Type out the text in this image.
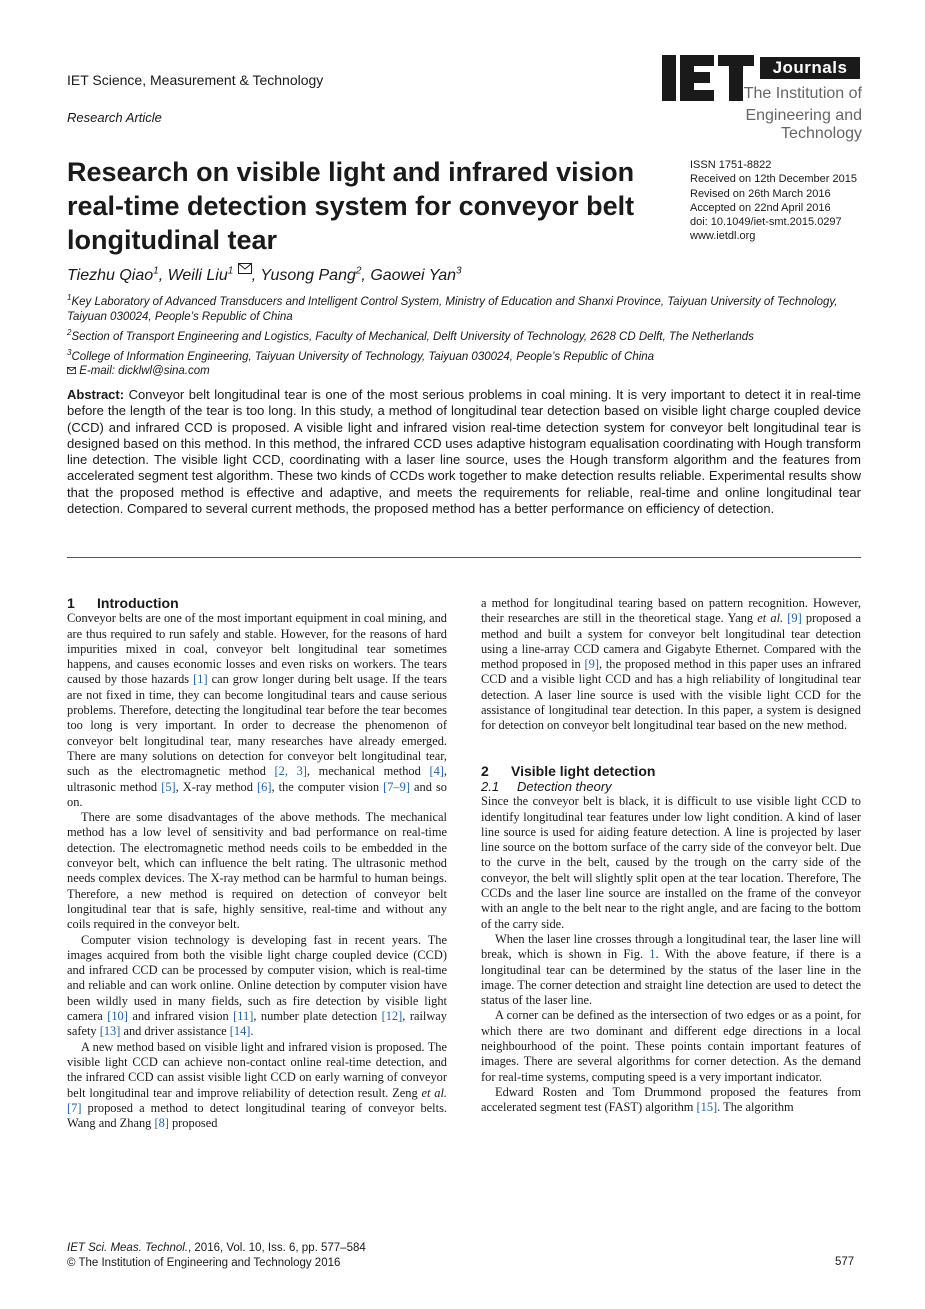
IET Science, Measurement & Technology
Research Article
Journals
The Institution of
Engineering and Technology
Research on visible light and infrared vision real-time detection system for conveyor belt longitudinal tear
ISSN 1751-8822
Received on 12th December 2015
Revised on 26th March 2016
Accepted on 22nd April 2016
doi: 10.1049/iet-smt.2015.0297
www.ietdl.org
Tiezhu Qiao$^1$, Weili Liu$^1$ , Yusong Pang$^2$, Gaowei Yan$^3$
$^1$Key Laboratory of Advanced Transducers and Intelligent Control System, Ministry of Education and Shanxi Province, Taiyuan University of Technology, Taiyuan 030024, People’s Republic of China
$^2$Section of Transport Engineering and Logistics, Faculty of Mechanical, Delft University of Technology, 2628 CD Delft, The Netherlands
$^3$College of Information Engineering, Taiyuan University of Technology, Taiyuan 030024, People’s Republic of China
E-mail: dicklwl@sina.com
Abstract: Conveyor belt longitudinal tear is one of the most serious problems in coal mining. It is very important to detect it in real-time before the length of the tear is too long. In this study, a method of longitudinal tear detection based on visible light charge coupled device (CCD) and infrared CCD is proposed. A visible light and infrared vision real-time detection system for conveyor belt longitudinal tear is designed based on this method. In this method, the infrared CCD uses adaptive histogram equalisation coordinating with Hough transform line detection. The visible light CCD, coordinating with a laser line source, uses the Hough transform algorithm and the features from accelerated segment test algorithm. These two kinds of CCDs work together to make detection results reliable. Experimental results show that the proposed method is effective and adaptive, and meets the requirements for reliable, real-time and online longitudinal tear detection. Compared to several current methods, the proposed method has a better performance on efficiency of detection.

1 Introduction

Conveyor belts are one of the most important equipment in coal mining, and are thus required to run safely and stable. However, for the reasons of hard impurities mixed in coal, conveyor belt longitudinal tear sometimes happens, and causes economic losses and even risks on workers. The tears caused by those hazards [1] can grow longer during belt usage. If the tears are not fixed in time, they can become longitudinal tears and cause serious problems. Therefore, detecting the longitudinal tear before the tear becomes too long is very important. In order to decrease the phenomenon of conveyor belt longitudinal tear, many researches have already emerged. There are many solutions on detection for conveyor belt longitudinal tear, such as the electromagnetic method [2, 3], mechanical method [4], ultrasonic method [5], X-ray method [6], the computer vision [7–9] and so on.

There are some disadvantages of the above methods. The mechanical method has a low level of sensitivity and bad performance on real-time detection. The electromagnetic method needs coils to be embedded in the conveyor belt, which can influence the belt rating. The ultrasonic method needs complex devices. The X-ray method can be harmful to human beings. Therefore, a new method is required on detection of conveyor belt longitudinal tear that is safe, highly sensitive, real-time and without any coils required in the conveyor belt.

Computer vision technology is developing fast in recent years. The images acquired from both the visible light charge coupled device (CCD) and infrared CCD can be processed by computer vision, which is real-time and reliable and can work online. Online detection by computer vision have been wildly used in many fields, such as fire detection by visible light camera [10] and infrared vision [11], number plate detection [12], railway safety [13] and driver assistance [14].

A new method based on visible light and infrared vision is proposed. The visible light CCD can achieve non-contact online real-time detection, and the infrared CCD can assist visible light CCD on early warning of conveyor belt longitudinal tear and improve reliability of detection result. Zeng et al. [7] proposed a method to detect longitudinal tearing of conveyor belts. Wang and Zhang [8] proposed

a method for longitudinal tearing based on pattern recognition. However, their researches are still in the theoretical stage. Yang et al. [9] proposed a method and built a system for conveyor belt longitudinal tear detection using a line-array CCD camera and Gigabyte Ethernet. Compared with the method proposed in [9], the proposed method in this paper uses an infrared CCD and a visible light CCD and has a high reliability of longitudinal tear detection. A laser line source is used with the visible light CCD for the assistance of longitudinal tear detection. In this paper, a system is designed for detection on conveyor belt longitudinal tear based on the new method.

2 Visible light detection

2.1 Detection theory

Since the conveyor belt is black, it is difficult to use visible light CCD to identify longitudinal tear features under low light condition. A kind of laser line source is used for aiding feature detection. A line is projected by laser line source on the bottom surface of the carry side of the conveyor belt. Due to the curve in the belt, caused by the trough on the carry side of the conveyor, the belt will slightly split open at the tear location. Therefore, The CCDs and the laser line source are installed on the frame of the conveyor with an angle to the belt near to the right angle, and are facing to the bottom of the carry side.

When the laser line crosses through a longitudinal tear, the laser line will break, which is shown in Fig. 1. With the above feature, if there is a longitudinal tear can be determined by the status of the laser line in the image. The corner detection and straight line detection are used to detect the status of the laser line.

A corner can be defined as the intersection of two edges or as a point, for which there are two dominant and different edge directions in a local neighbourhood of the point. These points contain important features of images. There are several algorithms for corner detection. As the demand for real-time systems, computing speed is a very important indicator.

Edward Rosten and Tom Drummond proposed the features from accelerated segment test (FAST) algorithm [15]. The algorithm

IET Sci. Meas. Technol., 2016, Vol. 10, Iss. 6, pp. 577–584
© The Institution of Engineering and Technology 2016	577
